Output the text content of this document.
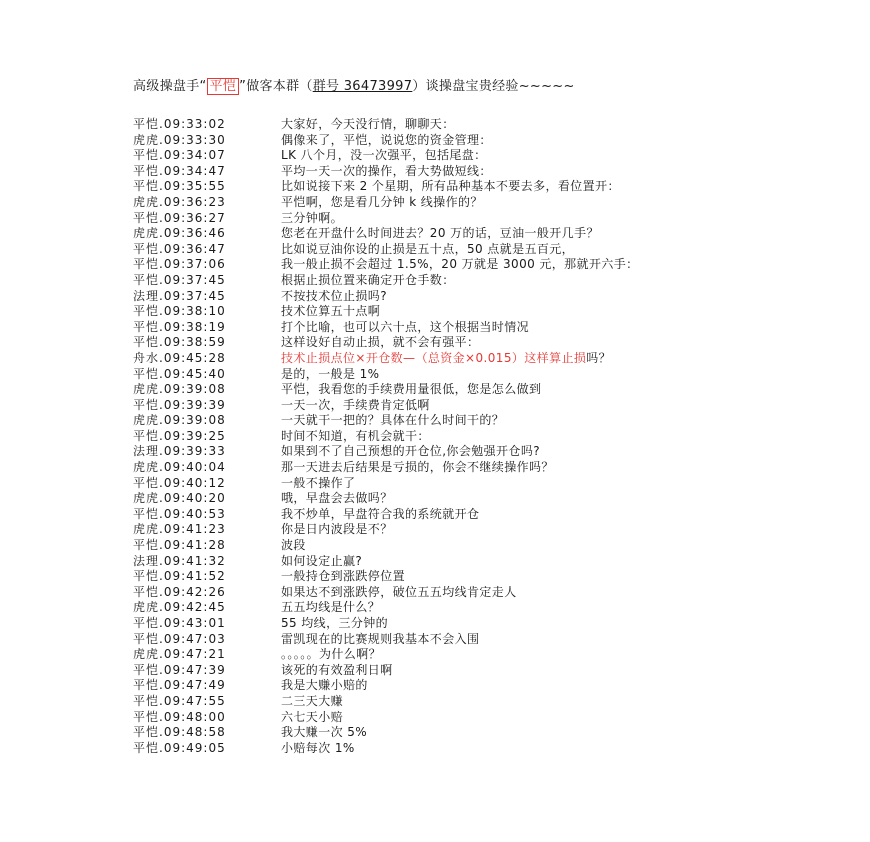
高级操盘手“ 平恺 ”做客本群（群号 36473997）谈操盘宝贵经验~~~~~
平恺.09:33:02	大家好，今天没行情，聊聊天：
虎虎.09:33:30	偶像来了，平恺，说说您的资金管理：
平恺.09:34:07	LK 八个月，没一次强平，包括尾盘：
平恺.09:34:47	平均一天一次的操作，看大势做短线：
平恺.09:35:55	比如说接下来 2 个星期，所有品种基本不要去多，看位置开：
虎虎.09:36:23	平恺啊，您是看几分钟 k 线操作的？
平恺.09:36:27	三分钟啊。
虎虎.09:36:46	您老在开盘什么时间进去？20 万的话，豆油一般开几手？
平恺.09:36:47	比如说豆油你设的止损是五十点，50 点就是五百元，
平恺.09:37:06	我一般止损不会超过 1.5%，20 万就是 3000 元，那就开六手：
平恺.09:37:45	根据止损位置来确定开仓手数：
法理.09:37:45	不按技术位止损吗?
平恺.09:38:10	技术位算五十点啊
平恺.09:38:19	打个比喻，也可以六十点，这个根据当时情况
平恺.09:38:59	这样设好自动止损，就不会有强平：
舟水.09:45:28	技术止损点位×开仓数—（总资金×0.015）这样算止损吗？
平恺.09:45:40	是的，一般是 1%
虎虎.09:39:08	平恺，我看您的手续费用量很低，您是怎么做到
平恺.09:39:39	一天一次，手续费肯定低啊
虎虎.09:39:08	一天就干一把的？具体在什么时间干的？
平恺.09:39:25	时间不知道，有机会就干：
法理.09:39:33	如果到不了自己预想的开仓位,你会勉强开仓吗?
虎虎.09:40:04	那一天进去后结果是亏损的，你会不继续操作吗？
平恺.09:40:12	一般不操作了
虎虎.09:40:20	哦，早盘会去做吗？
平恺.09:40:53	我不炒单，早盘符合我的系统就开仓
虎虎.09:41:23	你是日内波段是不？
平恺.09:41:28	波段
法理.09:41:32	如何设定止赢?
平恺.09:41:52	一般持仓到涨跌停位置
平恺.09:42:26	如果达不到涨跌停，破位五五均线肯定走人
虎虎.09:42:45	五五均线是什么？
平恺.09:43:01	55 均线，三分钟的
平恺.09:47:03	雷凯现在的比赛规则我基本不会入围
虎虎.09:47:21	。。。。。为什么啊？
平恺.09:47:39	该死的有效盈利日啊
平恺.09:47:49	我是大赚小赔的
平恺.09:47:55	二三天大赚
平恺.09:48:00	六七天小赔
平恺.09:48:58	我大赚一次 5%
平恺.09:49:05	小赔每次 1%
